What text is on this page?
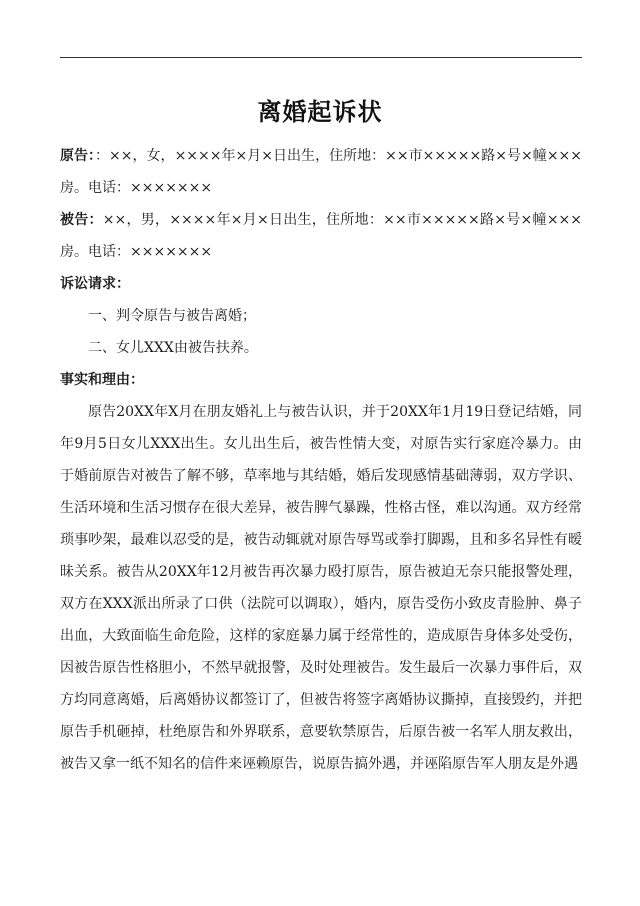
离婚起诉状

原告：：××，女，××××年×月×日出生，住所地：××市×××××路×号×幢×××房。电话：×××××××

被告：××，男，××××年×月×日出生，住所地：××市×××××路×号×幢×××房。电话：×××××××

诉讼请求：

一、判令原告与被告离婚；

二、女儿XXX由被告扶养。

事实和理由：

原告20XX年X月在朋友婚礼上与被告认识，并于20XX年1月19日登记结婚，同年9月5日女儿XXX出生。女儿出生后，被告性情大变，对原告实行家庭冷暴力。由于婚前原告对被告了解不够，草率地与其结婚，婚后发现感情基础薄弱，双方学识、生活环境和生活习惯存在很大差异，被告脾气暴躁，性格古怪，难以沟通。双方经常琐事吵架，最难以忍受的是，被告动辄就对原告辱骂或拳打脚踢，且和多名异性有暧昧关系。被告从20XX年12月被告再次暴力殴打原告，原告被迫无奈只能报警处理，双方在XXX派出所录了口供（法院可以调取），婚内，原告受伤小致皮青脸肿、鼻子出血，大致面临生命危险，这样的家庭暴力属于经常性的，造成原告身体多处受伤，因被告原告性格胆小，不然早就报警，及时处理被告。发生最后一次暴力事件后，双方均同意离婚，后离婚协议都签订了，但被告将签字离婚协议撕掉，直接毁约，并把原告手机砸掉，杜绝原告和外界联系，意要软禁原告，后原告被一名军人朋友救出，被告又拿一纸不知名的信件来诬赖原告，说原告搞外遇，并诬陷原告军人朋友是外遇
